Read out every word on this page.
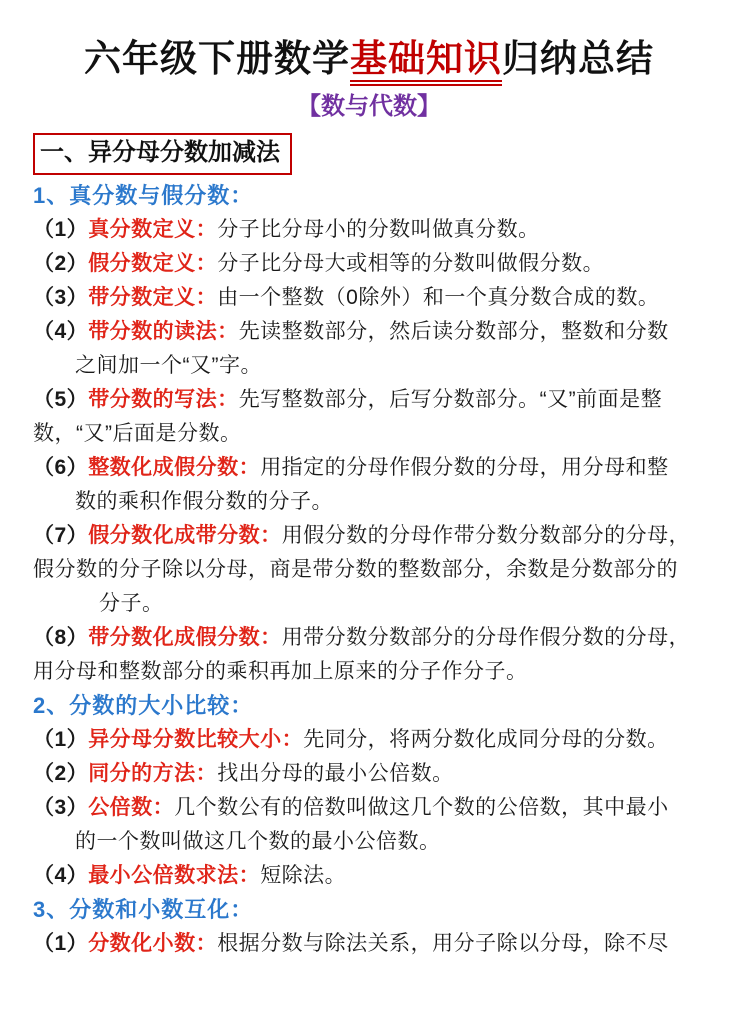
六年级下册数学基础知识归纳总结
【数与代数】
一、异分母分数加减法
1、真分数与假分数：
（1）真分数定义：分子比分母小的分数叫做真分数。
（2）假分数定义：分子比分母大或相等的分数叫做假分数。
（3）带分数定义：由一个整数（0除外）和一个真分数合成的数。
（4）带分数的读法：先读整数部分，然后读分数部分，整数和分数
之间加一个“又”字。
（5）带分数的写法：先写整数部分，后写分数部分。“又”前面是整
数，“又”后面是分数。
（6）整数化成假分数：用指定的分母作假分数的分母，用分母和整
数的乘积作假分数的分子。
（7）假分数化成带分数：用假分数的分母作带分数分数部分的分母，
假分数的分子除以分母，商是带分数的整数部分，余数是分数部分的
分子。
（8）带分数化成假分数：用带分数分数部分的分母作假分数的分母，
用分母和整数部分的乘积再加上原来的分子作分子。
2、分数的大小比较：
（1）异分母分数比较大小：先同分，将两分数化成同分母的分数。
（2）同分的方法：找出分母的最小公倍数。
（3）公倍数：几个数公有的倍数叫做这几个数的公倍数，其中最小
的一个数叫做这几个数的最小公倍数。
（4）最小公倍数求法：短除法。
3、分数和小数互化：
（1）分数化小数：根据分数与除法关系，用分子除以分母，除不尽
